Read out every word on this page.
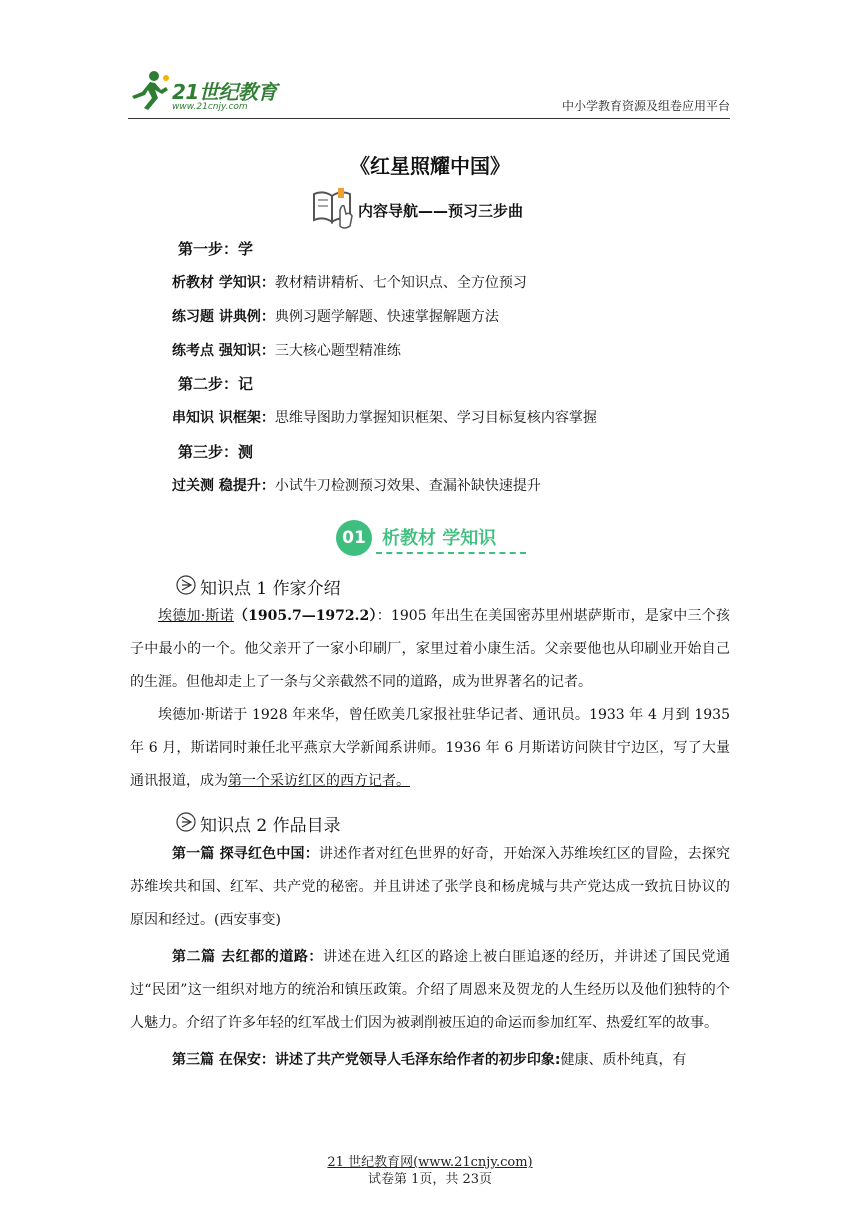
21世纪教育
www.21cnjy.com	中小学教育资源及组卷应用平台
《红星照耀中国》
内容导航——预习三步曲
第一步：学
析教材 学知识：教材精讲精析、七个知识点、全方位预习
练习题 讲典例：典例习题学解题、快速掌握解题方法
练考点 强知识：三大核心题型精准练
第二步：记
串知识 识框架：思维导图助力掌握知识框架、学习目标复核内容掌握
第三步：测
过关测 稳提升：小试牛刀检测预习效果、查漏补缺快速提升
01 析教材 学知识
知识点 1 作家介绍

埃德加·斯诺（1905.7—1972.2）：1905 年出生在美国密苏里州堪萨斯市，是家中三个孩子中最小的一个。他父亲开了一家小印刷厂，家里过着小康生活。父亲要他也从印刷业开始自己的生涯。但他却走上了一条与父亲截然不同的道路，成为世界著名的记者。

埃德加·斯诺于 1928 年来华，曾任欧美几家报社驻华记者、通讯员。1933 年 4 月到 1935 年 6 月，斯诺同时兼任北平燕京大学新闻系讲师。1936 年 6 月斯诺访问陕甘宁边区，写了大量通讯报道，成为第一个采访红区的西方记者。

知识点 2 作品目录

第一篇 探寻红色中国：讲述作者对红色世界的好奇，开始深入苏维埃红区的冒险，去探究苏维埃共和国、红军、共产党的秘密。并且讲述了张学良和杨虎城与共产党达成一致抗日协议的原因和经过。(西安事变)

第二篇 去红都的道路：讲述在进入红区的路途上被白匪追逐的经历，并讲述了国民党通过“民团”这一组织对地方的统治和镇压政策。介绍了周恩来及贺龙的人生经历以及他们独特的个人魅力。介绍了许多年轻的红军战士们因为被剥削被压迫的命运而参加红军、热爱红军的故事。

第三篇 在保安：讲述了共产党领导人毛泽东给作者的初步印象:健康、质朴纯真，有

21 世纪教育网(www.21cnjy.com)
试卷第 1页，共 23页
